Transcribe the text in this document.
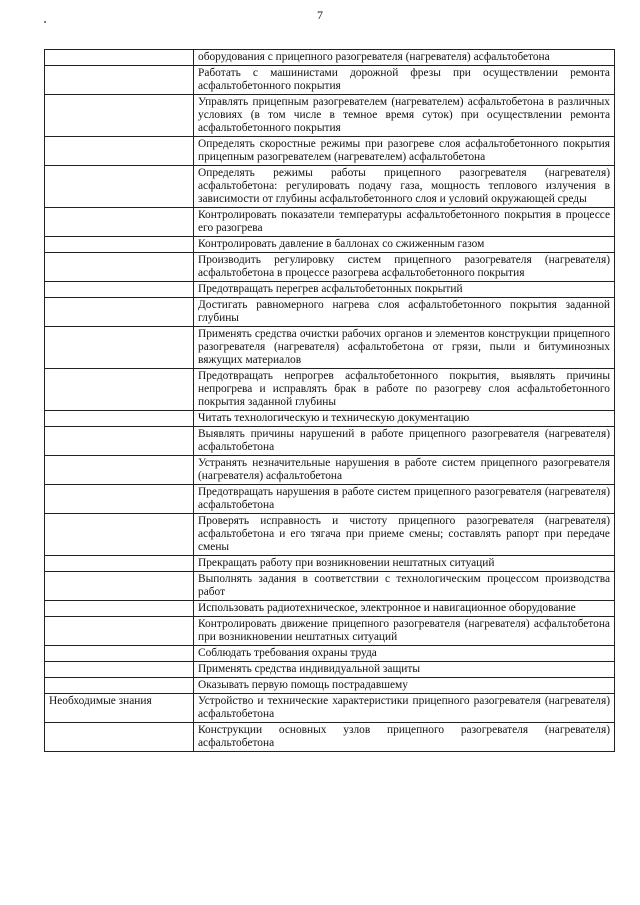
7
	оборудования с прицепного разогревателя (нагревателя) асфальтобетона
	Работать с машинистами дорожной фрезы при осуществлении ремонта асфальтобетонного покрытия
	Управлять прицепным разогревателем (нагревателем) асфальтобетона в различных условиях (в том числе в темное время суток) при осуществлении ремонта асфальтобетонного покрытия
	Определять скоростные режимы при разогреве слоя асфальтобетонного покрытия прицепным разогревателем (нагревателем) асфальтобетона
	Определять режимы работы прицепного разогревателя (нагревателя) асфальтобетона: регулировать подачу газа, мощность теплового излучения в зависимости от глубины асфальтобетонного слоя и условий окружающей среды
	Контролировать показатели температуры асфальтобетонного покрытия в процессе его разогрева
	Контролировать давление в баллонах со сжиженным газом
	Производить регулировку систем прицепного разогревателя (нагревателя) асфальтобетона в процессе разогрева асфальтобетонного покрытия
	Предотвращать перегрев асфальтобетонных покрытий
	Достигать равномерного нагрева слоя асфальтобетонного покрытия заданной глубины
	Применять средства очистки рабочих органов и элементов конструкции прицепного разогревателя (нагревателя) асфальтобетона от грязи, пыли и битуминозных вяжущих материалов
	Предотвращать непрогрев асфальтобетонного покрытия, выявлять причины непрогрева и исправлять брак в работе по разогреву слоя асфальтобетонного покрытия заданной глубины
	Читать технологическую и техническую документацию
	Выявлять причины нарушений в работе прицепного разогревателя (нагревателя) асфальтобетона
	Устранять незначительные нарушения в работе систем прицепного разогревателя (нагревателя) асфальтобетона
	Предотвращать нарушения в работе систем прицепного разогревателя (нагревателя) асфальтобетона
	Проверять исправность и чистоту прицепного разогревателя (нагревателя) асфальтобетона и его тягача при приеме смены; составлять рапорт при передаче смены
	Прекращать работу при возникновении нештатных ситуаций
	Выполнять задания в соответствии с технологическим процессом производства работ
	Использовать радиотехническое, электронное и навигационное оборудование
	Контролировать движение прицепного разогревателя (нагревателя) асфальтобетона при возникновении нештатных ситуаций
	Соблюдать требования охраны труда
	Применять средства индивидуальной защиты
	Оказывать первую помощь пострадавшему
Необходимые знания	Устройство и технические характеристики прицепного разогревателя (нагревателя) асфальтобетона
	Конструкции основных узлов прицепного разогревателя (нагревателя) асфальтобетона
